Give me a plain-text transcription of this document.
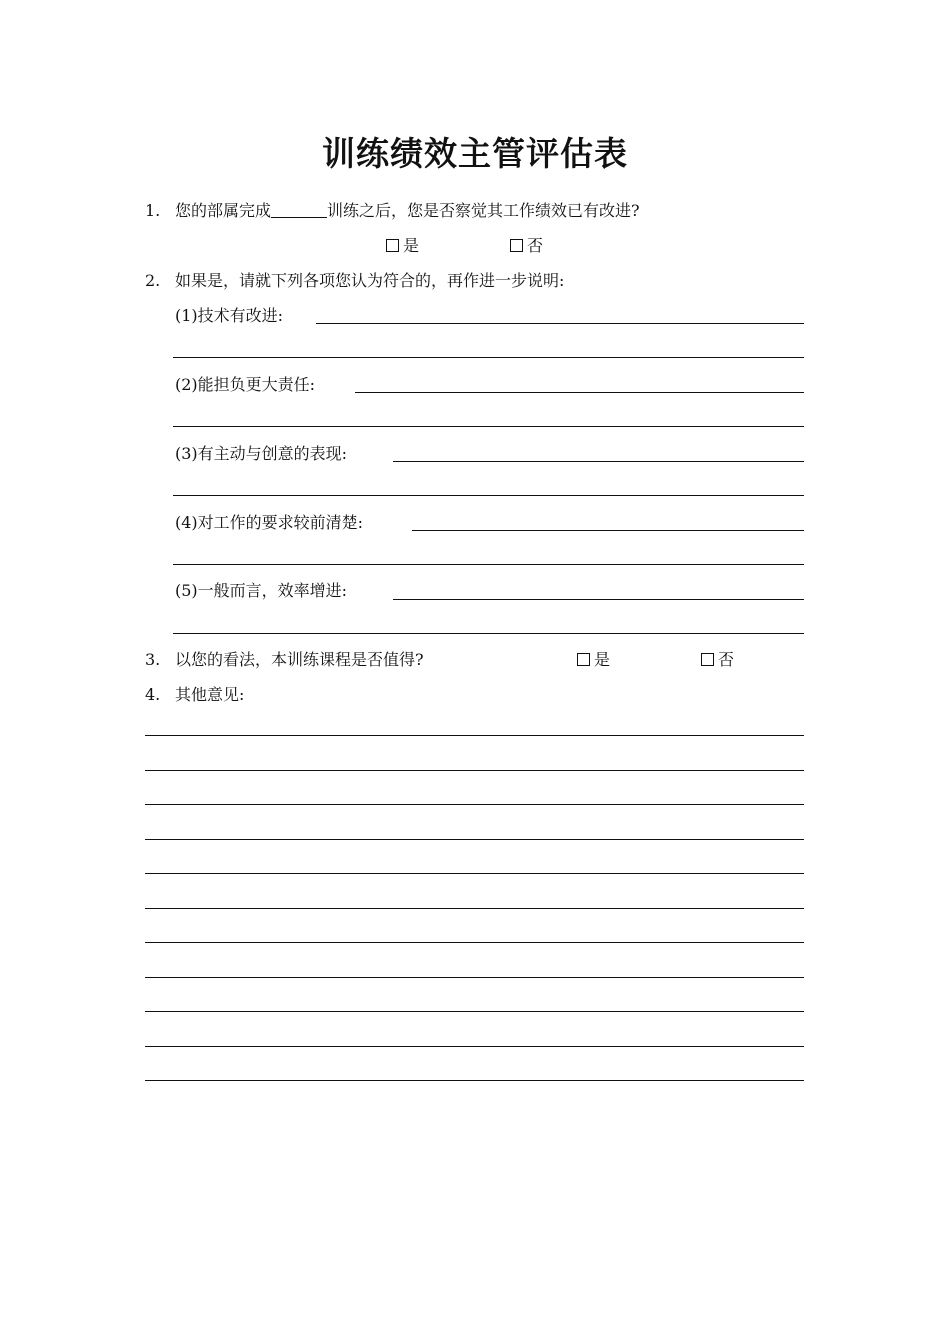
训练绩效主管评估表
1. 您的部属完成	训练之后，您是否察觉其工作绩效已有改进?
是	否
2. 如果是，请就下列各项您认为符合的，再作进一步说明:
(1)技术有改进:
(2)能担负更大责任:
(3)有主动与创意的表现:
(4)对工作的要求较前清楚:
(5)一般而言，效率增进:
3. 以您的看法，本训练课程是否值得?	是	否
4. 其他意见:
